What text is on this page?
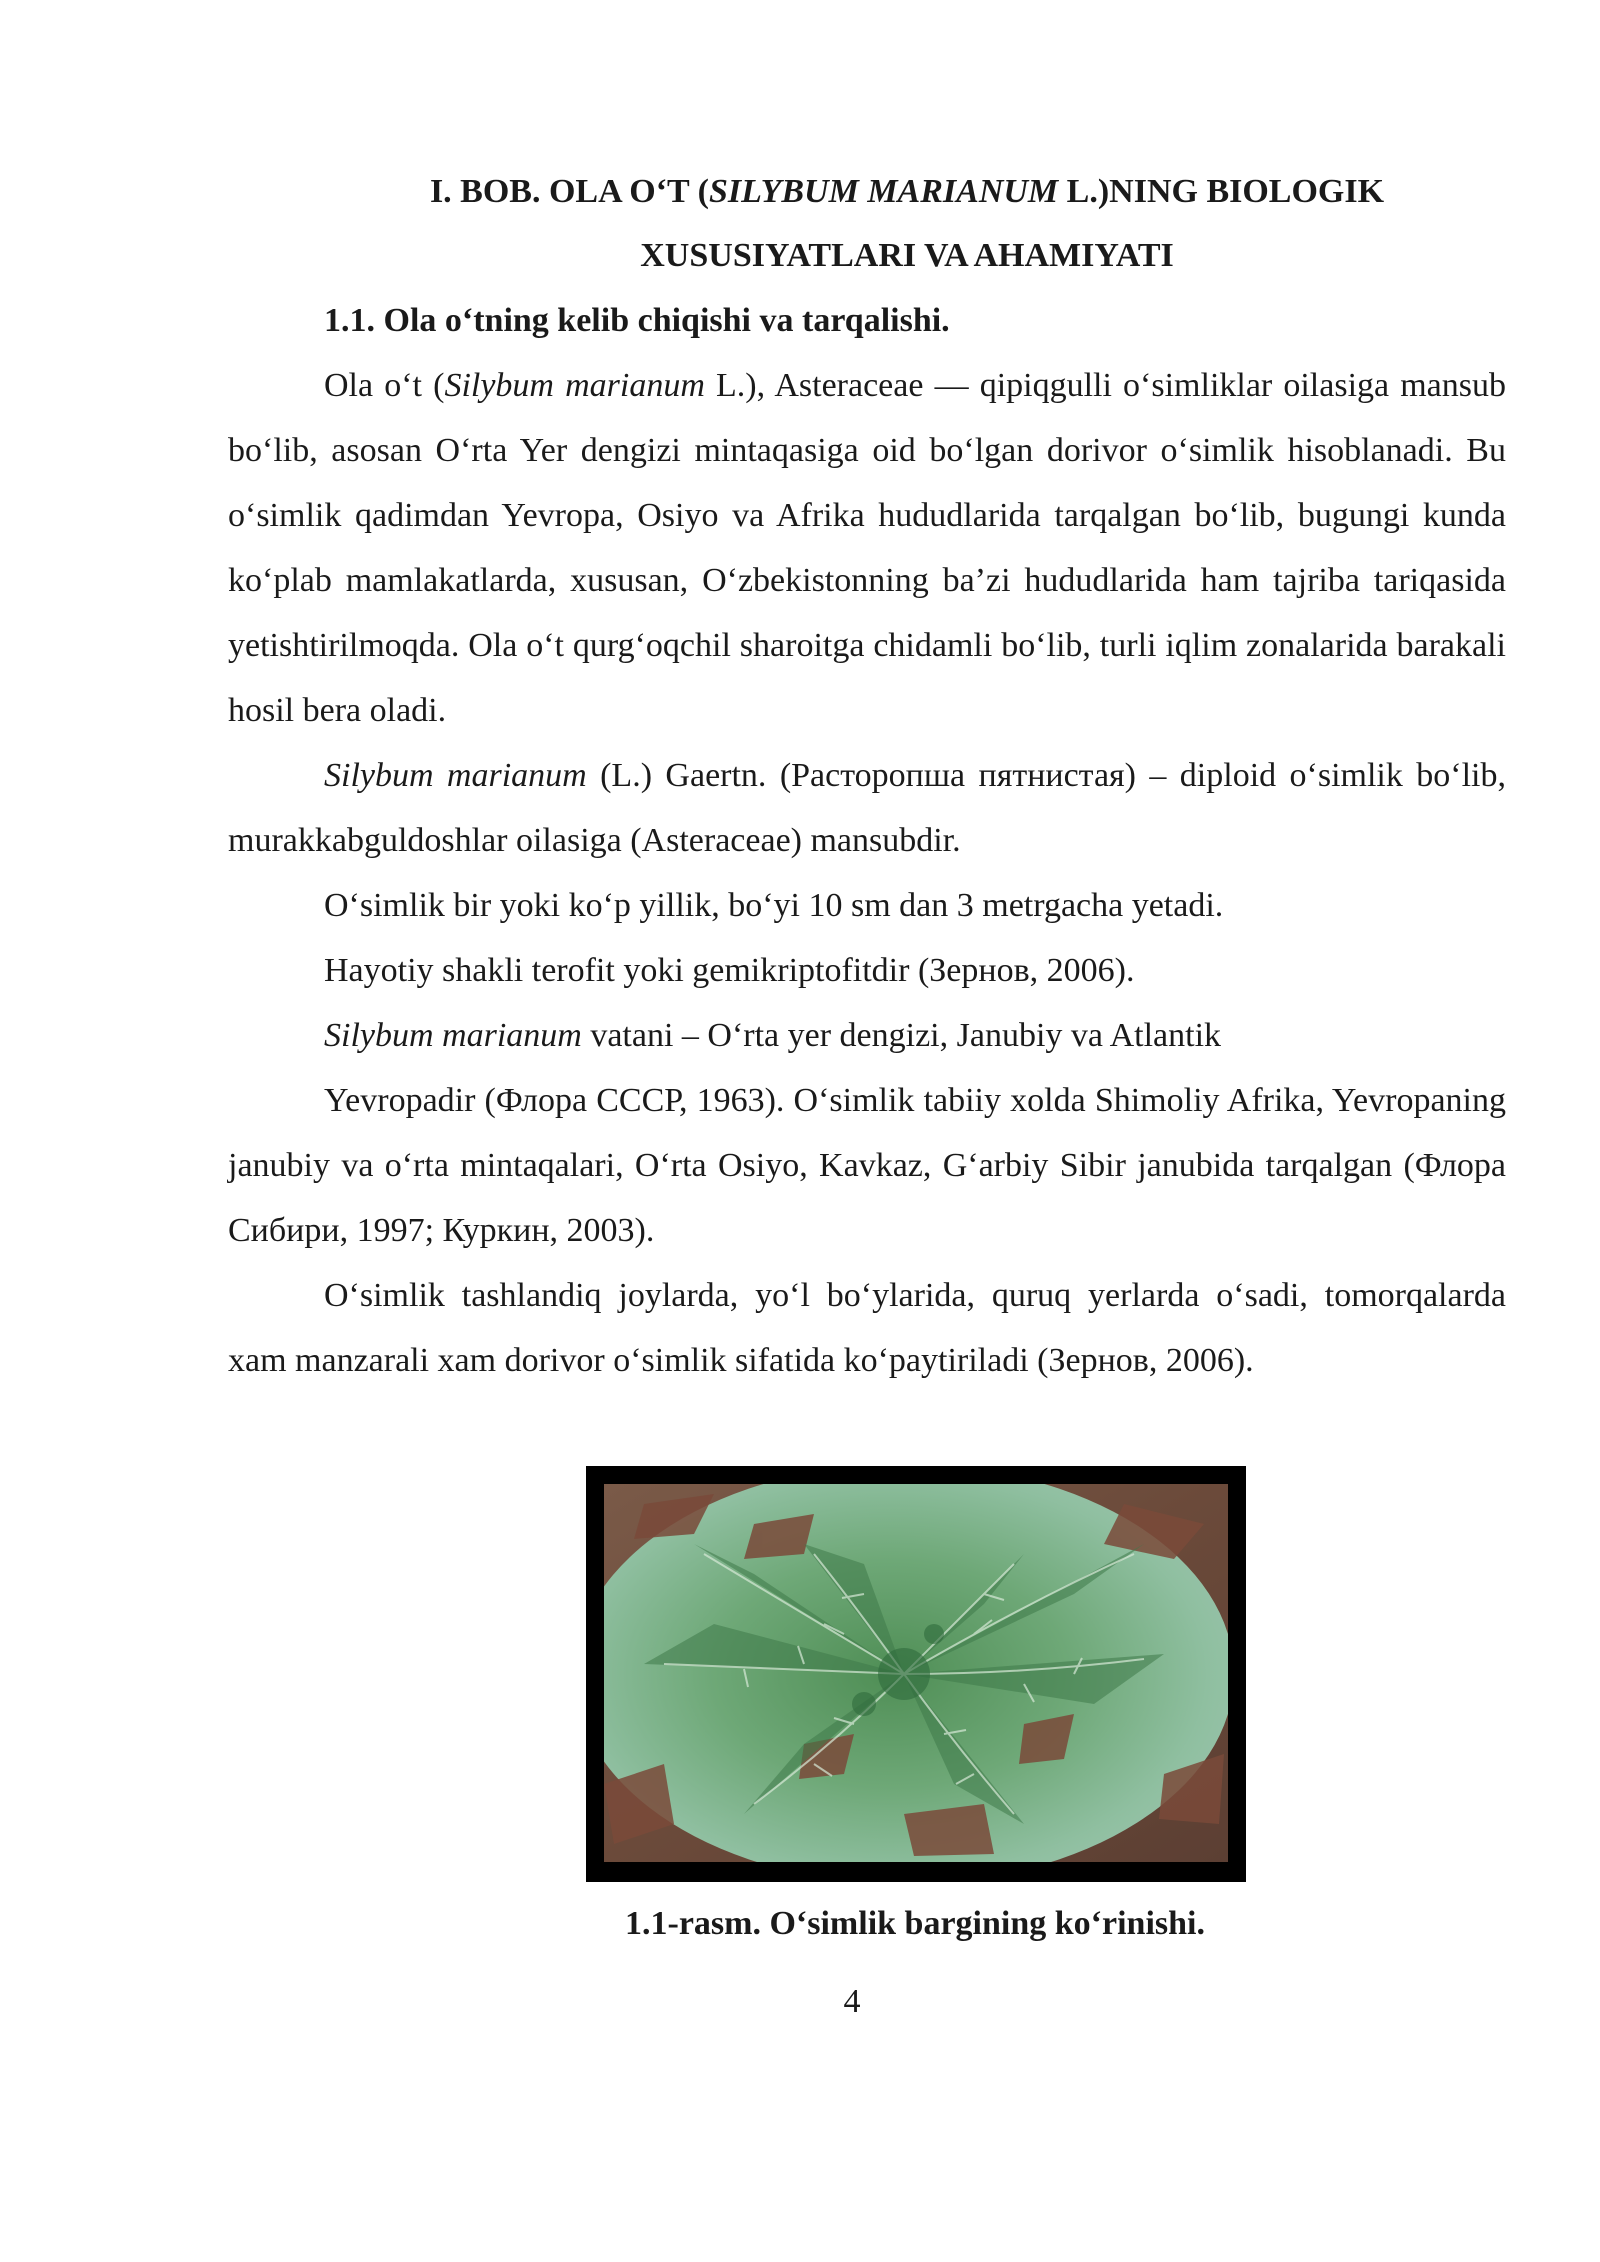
I. BOB. OLA O‘T (SILYBUM MARIANUM L.)NING BIOLOGIK
XUSUSIYATLARI VA AHAMIYATI

1.1. Ola o‘tning kelib chiqishi va tarqalishi.

Ola o‘t (Silybum marianum L.), Asteraceae — qipiqgulli o‘simliklar oilasiga mansub bo‘lib, asosan O‘rta Yer dengizi mintaqasiga oid bo‘lgan dorivor o‘simlik hisoblanadi. Bu o‘simlik qadimdan Yevropa, Osiyo va Afrika hududlarida tarqalgan bo‘lib, bugungi kunda ko‘plab mamlakatlarda, xususan, O‘zbekistonning ba’zi hududlarida ham tajriba tariqasida yetishtirilmoqda. Ola o‘t qurg‘oqchil sharoitga chidamli bo‘lib, turli iqlim zonalarida barakali hosil bera oladi.

Silybum marianum (L.) Gaertn. (Расторопша пятнистая) – diploid o‘simlik bo‘lib, murakkabguldoshlar oilasiga (Asteraceae) mansubdir.

O‘simlik bir yoki ko‘p yillik, bo‘yi 10 sm dan 3 metrgacha yetadi.

Hayotiy shakli terofit yoki gemikriptofitdir (Зернов, 2006).

Silybum marianum vatani – O‘rta yer dengizi, Janubiy va Atlantik

Yevropadir (Флора СССР, 1963). O‘simlik tabiiy xolda Shimoliy Afrika, Yevropaning janubiy va o‘rta mintaqalari, O‘rta Osiyo, Kavkaz, G‘arbiy Sibir janubida tarqalgan (Флора Сибири, 1997; Куркин, 2003).

O‘simlik tashlandiq joylarda, yo‘l bo‘ylarida, quruq yerlarda o‘sadi, tomorqalarda xam manzarali xam dorivor o‘simlik sifatida ko‘paytiriladi (Зернов, 2006).

1.1-rasm. O‘simlik bargining ko‘rinishi.
4
